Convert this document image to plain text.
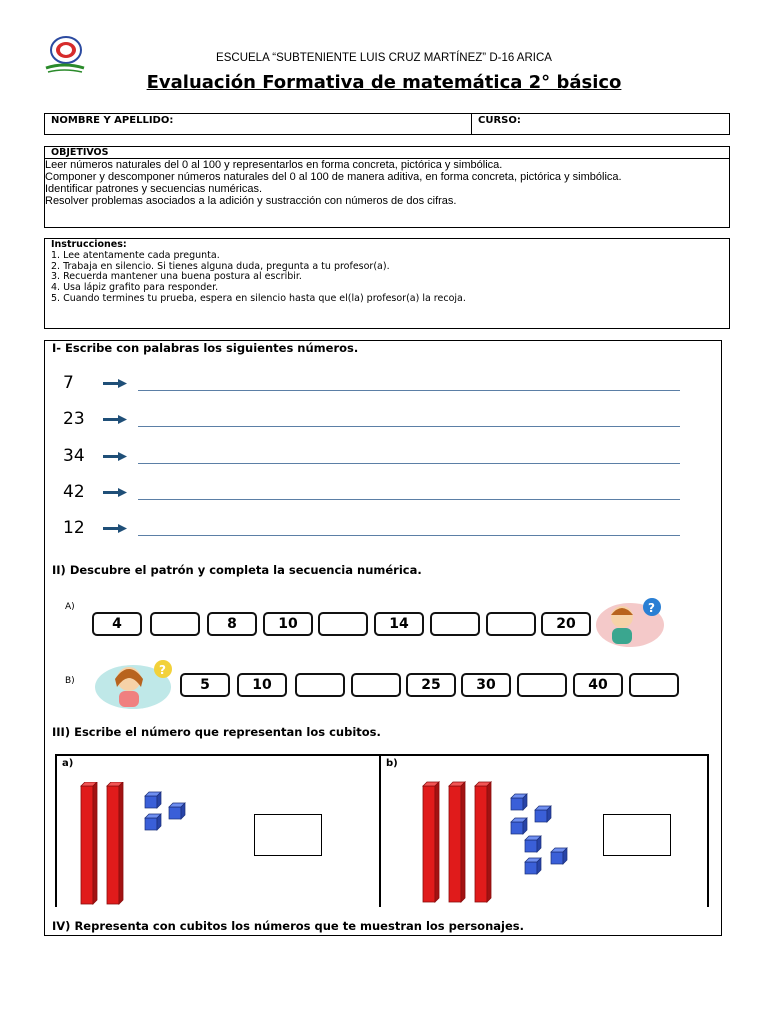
ESCUELA “SUBTENIENTE LUIS CRUZ MARTÍNEZ” D-16 ARICA
Evaluación Formativa de matemática 2° básico
NOMBRE Y APELLIDO:	CURSO:
OBJETIVOS
Leer números naturales del 0 al 100 y representarlos en forma concreta, pictórica y simbólica.
Componer y descomponer números naturales del 0 al 100 de manera aditiva, en forma concreta, pictórica y simbólica.
Identificar patrones y secuencias numéricas.
Resolver problemas asociados a la adición y sustracción con números de dos cifras.
Instrucciones:
1. Lee atentamente cada pregunta.
2. Trabaja en silencio. Si tienes alguna duda, pregunta a tu profesor(a).
3. Recuerda mantener una buena postura al escribir.
4. Usa lápiz grafito para responder.
5. Cuando termines tu prueba, espera en silencio hasta que el(la) profesor(a) la recoja.
I- Escribe con palabras los siguientes números.
7
23
34
42
12
II) Descubre el patrón y completa la secuencia numérica.
A)
4	8	10	14	20
?
B)
?
5	10	25	30	40
III) Escribe el número que representan los cubitos.
a)	b)
IV) Representa con cubitos los números que te muestran los personajes.
